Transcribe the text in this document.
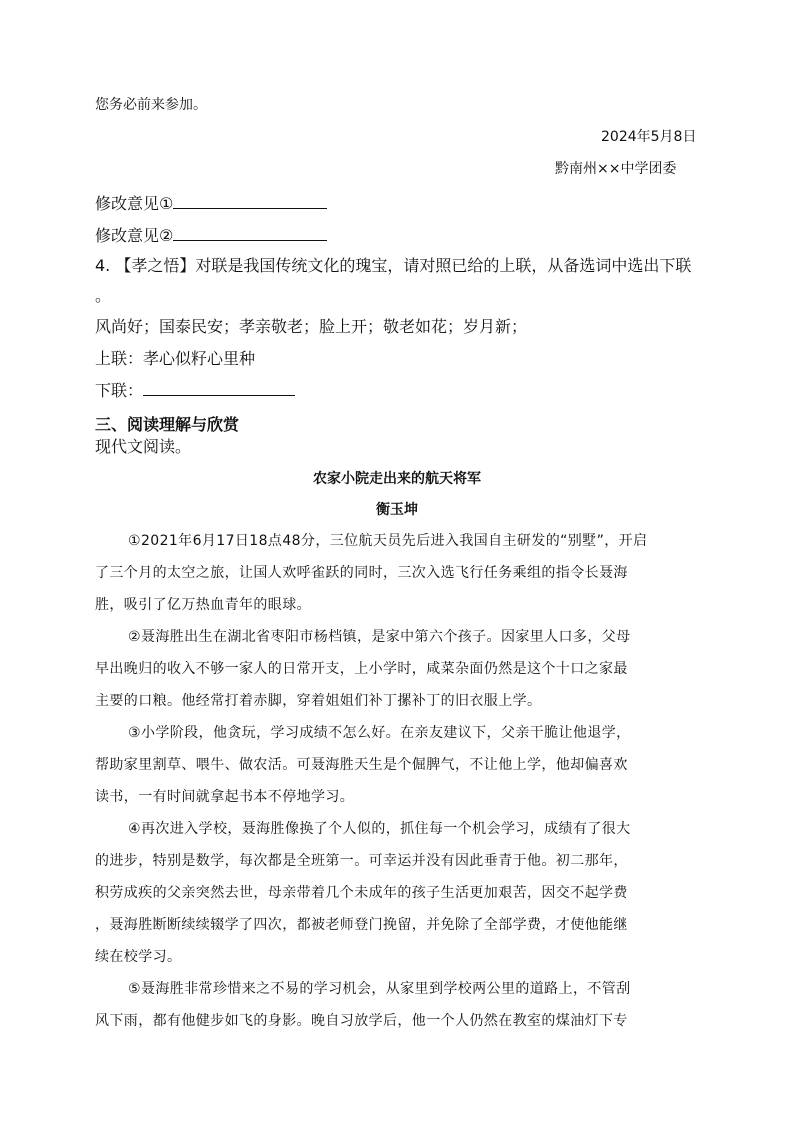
您务必前来参加。
2024年5月8日
黔南州××中学团委
修改意见①
修改意见②
4. 【孝之悟】对联是我国传统文化的瑰宝，请对照已给的上联，从备选词中选出下联
。
风尚好；国泰民安；孝亲敬老；脸上开；敬老如花；岁月新；
上联：孝心似籽心里种
下联：
三、阅读理解与欣赏
现代文阅读。
农家小院走出来的航天将军
衡玉坤
①2021年6月17日18点48分，三位航天员先后进入我国自主研发的“别墅”，开启
了三个月的太空之旅，让国人欢呼雀跃的同时，三次入选飞行任务乘组的指令长聂海
胜，吸引了亿万热血青年的眼球。
②聂海胜出生在湖北省枣阳市杨档镇，是家中第六个孩子。因家里人口多，父母
早出晚归的收入不够一家人的日常开支，上小学时，咸菜杂面仍然是这个十口之家最
主要的口粮。他经常打着赤脚，穿着姐姐们补丁摞补丁的旧衣服上学。
③小学阶段，他贪玩，学习成绩不怎么好。在亲友建议下，父亲干脆让他退学，
帮助家里割草、喂牛、做农活。可聂海胜天生是个倔脾气，不让他上学，他却偏喜欢
读书，一有时间就拿起书本不停地学习。
④再次进入学校，聂海胜像换了个人似的，抓住每一个机会学习，成绩有了很大
的进步，特别是数学，每次都是全班第一。可幸运并没有因此垂青于他。初二那年，
积劳成疾的父亲突然去世，母亲带着几个未成年的孩子生活更加艰苦，因交不起学费
，聂海胜断断续续辍学了四次，都被老师登门挽留，并免除了全部学费，才使他能继
续在校学习。
⑤聂海胜非常珍惜来之不易的学习机会，从家里到学校两公里的道路上，不管刮
风下雨，都有他健步如飞的身影。晚自习放学后，他一个人仍然在教室的煤油灯下专
